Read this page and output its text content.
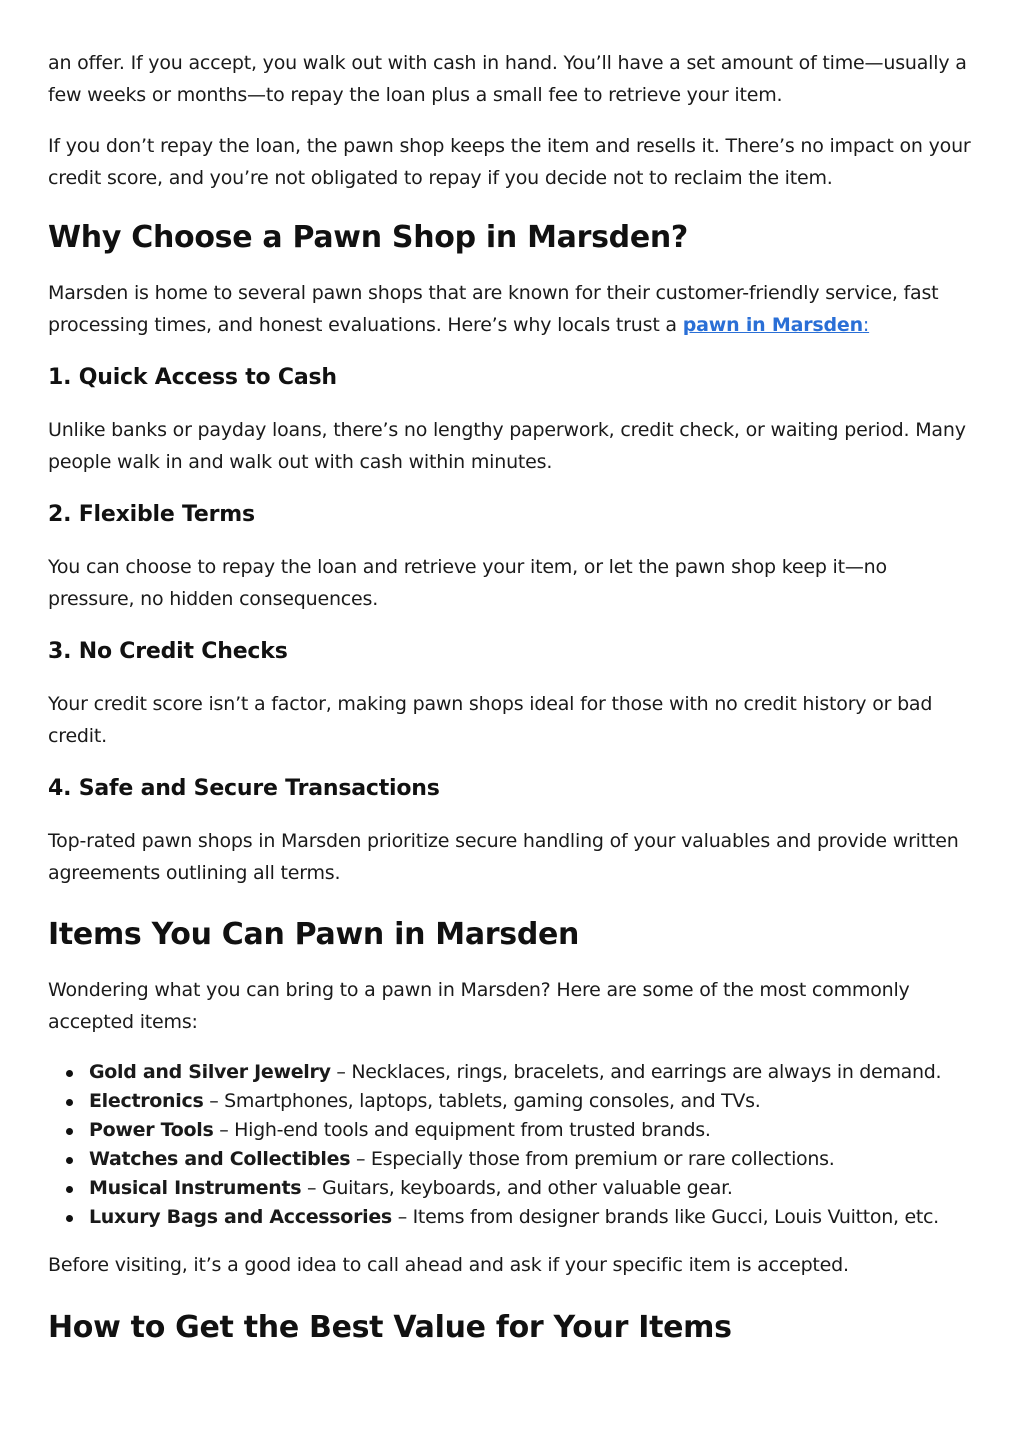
an offer. If you accept, you walk out with cash in hand. You’ll have a set amount of time—usually a few weeks or months—to repay the loan plus a small fee to retrieve your item.

If you don’t repay the loan, the pawn shop keeps the item and resells it. There’s no impact on your credit score, and you’re not obligated to repay if you decide not to reclaim the item.

Why Choose a Pawn Shop in Marsden?

Marsden is home to several pawn shops that are known for their customer-friendly service, fast processing times, and honest evaluations. Here’s why locals trust a pawn in Marsden:

1. Quick Access to Cash

Unlike banks or payday loans, there’s no lengthy paperwork, credit check, or waiting period. Many people walk in and walk out with cash within minutes.

2. Flexible Terms

You can choose to repay the loan and retrieve your item, or let the pawn shop keep it—no pressure, no hidden consequences.

3. No Credit Checks

Your credit score isn’t a factor, making pawn shops ideal for those with no credit history or bad credit.

4. Safe and Secure Transactions

Top-rated pawn shops in Marsden prioritize secure handling of your valuables and provide written agreements outlining all terms.

Items You Can Pawn in Marsden

Wondering what you can bring to a pawn in Marsden? Here are some of the most commonly accepted items:

Gold and Silver Jewelry – Necklaces, rings, bracelets, and earrings are always in demand.
Electronics – Smartphones, laptops, tablets, gaming consoles, and TVs.
Power Tools – High-end tools and equipment from trusted brands.
Watches and Collectibles – Especially those from premium or rare collections.
Musical Instruments – Guitars, keyboards, and other valuable gear.
Luxury Bags and Accessories – Items from designer brands like Gucci, Louis Vuitton, etc.

Before visiting, it’s a good idea to call ahead and ask if your specific item is accepted.

How to Get the Best Value for Your Items
